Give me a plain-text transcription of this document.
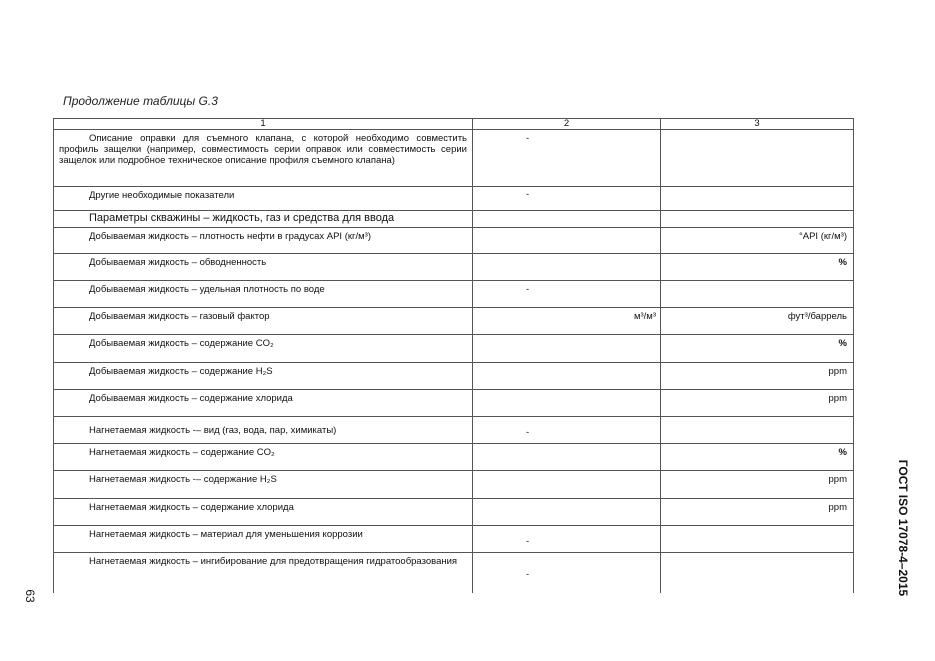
Продолжение таблицы G.3
1	2	3

Описание оправки для съемного клапана, с которой необходимо совместить профиль защелки (например, совместимость серии оправок или совместимость серии защелок или подробное техническое описание профиля съемного клапана)	-	

Другие необходимые показатели	-	

Параметры скважины – жидкость, газ и средства для ввода		

Добываемая жидкость – плотность нефти в градусах API (кг/м³)		°API (кг/м³)

Добываемая жидкость – обводненность		%

Добываемая жидкость – удельная плотность по воде	-	

Добываемая жидкость – газовый фактор	м³/м³	фут³/баррель

Добываемая жидкость – содержание CO₂		%

Добываемая жидкость – содержание H₂S		ppm

Добываемая жидкость – содержание хлорида		ppm

Нагнетаемая жидкость -– вид (газ, вода, пар, химикаты)	-	

Нагнетаемая жидкость – содержание CO₂		%

Нагнетаемая жидкость -– содержание H₂S		ppm

Нагнетаемая жидкость – содержание хлорида		ppm

Нагнетаемая жидкость – материал для уменьшения коррозии	-	

Нагнетаемая жидкость – ингибирование для предотвращения гидратообразования	-	
		ГОСТ ISO 17078-4–2015
63
